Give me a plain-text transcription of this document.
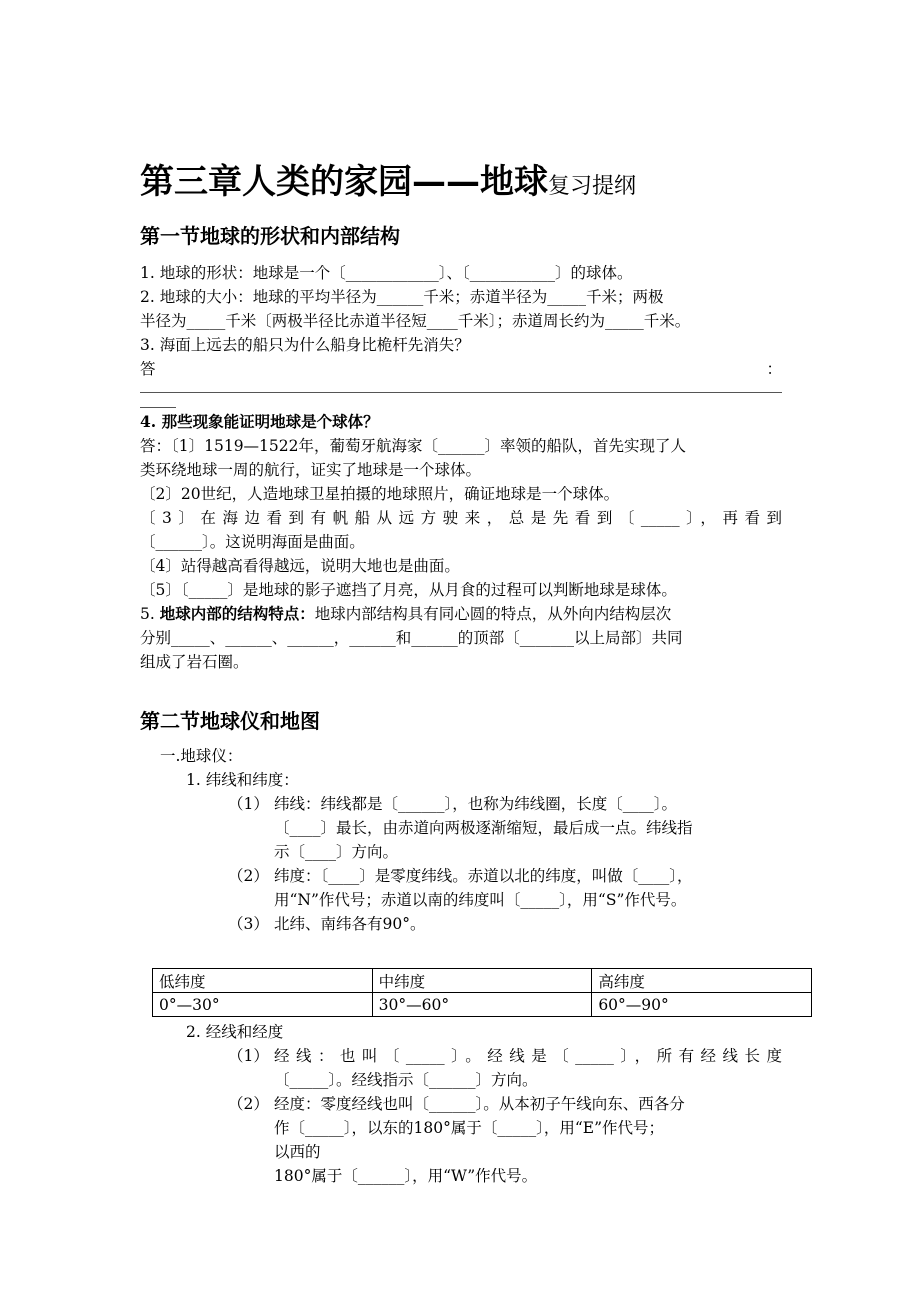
第三章人类的家园——地球复习提纲
第一节地球的形状和内部结构
1. 地球的形状：地球是一个〔____________〕、〔___________〕的球体。
2. 地球的大小：地球的平均半径为______千米；赤道半径为_____千米；两极
半径为_____千米〔两极半径比赤道半径短____千米〕；赤道周长约为_____千米。
3. 海面上远去的船只为什么船身比桅杆先消失？
答	：
4. 那些现象能证明地球是个球体？
答：〔1〕1519—1522年，葡萄牙航海家〔______〕率领的船队，首先实现了人
类环绕地球一周的航行，证实了地球是一个球体。
〔2〕20世纪，人造地球卫星拍摄的地球照片，确证地球是一个球体。
〔3〕在海边看到有帆船从远方驶来，总是先看到〔_____〕，再看到
〔______〕。这说明海面是曲面。
〔4〕站得越高看得越远，说明大地也是曲面。
〔5〕〔_____〕是地球的影子遮挡了月亮，从月食的过程可以判断地球是球体。
5. 地球内部的结构特点：地球内部结构具有同心圆的特点，从外向内结构层次
分别_____、______、______，______和______的顶部〔_______以上局部〕共同
组成了岩石圈。
第二节地球仪和地图
一.地球仪：
1. 纬线和纬度：
（1） 纬线：纬线都是〔______〕，也称为纬线圈，长度〔____〕。
〔____〕最长，由赤道向两极逐渐缩短，最后成一点。纬线指
示〔____〕方向。
（2） 纬度：〔____〕是零度纬线。赤道以北的纬度，叫做〔____〕，
用“N”作代号；赤道以南的纬度叫〔_____〕，用“S”作代号。
（3） 北纬、南纬各有90°。
低纬度	中纬度	高纬度
0°—30°	30°—60°	60°—90°
2. 经线和经度
（1） 经线：也叫〔_____〕。经线是〔_____〕，所有经线长度
〔_____〕。经线指示〔______〕方向。
（2） 经度：零度经线也叫〔______〕。从本初子午线向东、西各分
作〔_____〕，以东的180°属于〔_____〕，用“E”作代号；
以西的
180°属于〔______〕，用“W”作代号。
